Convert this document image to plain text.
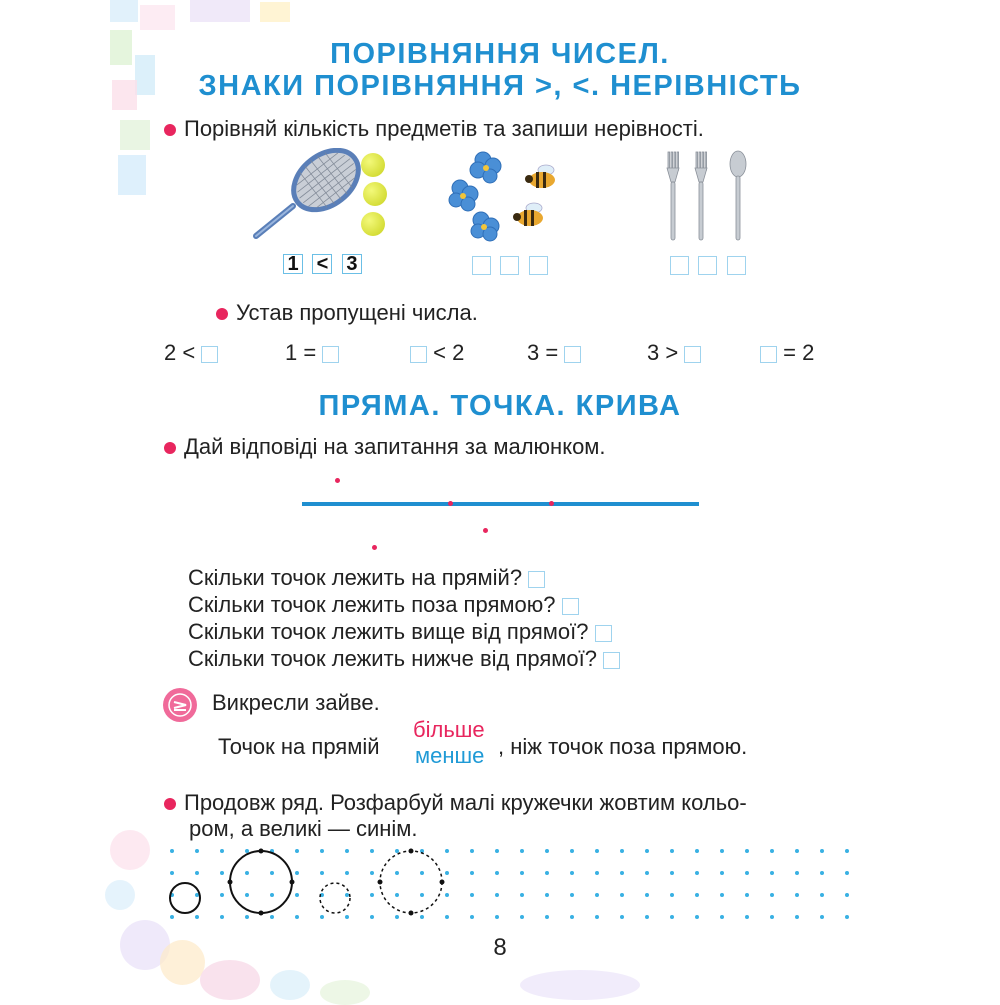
ПОРІВНЯННЯ ЧИСЕЛ.
ЗНАКИ ПОРІВНЯННЯ >, <. НЕРІВНІСТЬ
Порівняй кількість предметів та запиши нерівності.
1 < 3

Устав пропущені числа.
2 <	1 =	< 2	3 =	3 >	= 2
ПРЯМА. ТОЧКА. КРИВА
Дай відповіді на запитання за малюнком.
Скільки точок лежить на прямій?
Скільки точок лежить поза прямою?
Скільки точок лежить вище від прямої?
Скільки точок лежить нижче від прямої?
Викресли зайве.
Точок на прямій
більше
менше , ніж точок поза прямою.
Продовж ряд. Розфарбуй малі кружечки жовтим кольо-
ром, а великі — синім.
8
